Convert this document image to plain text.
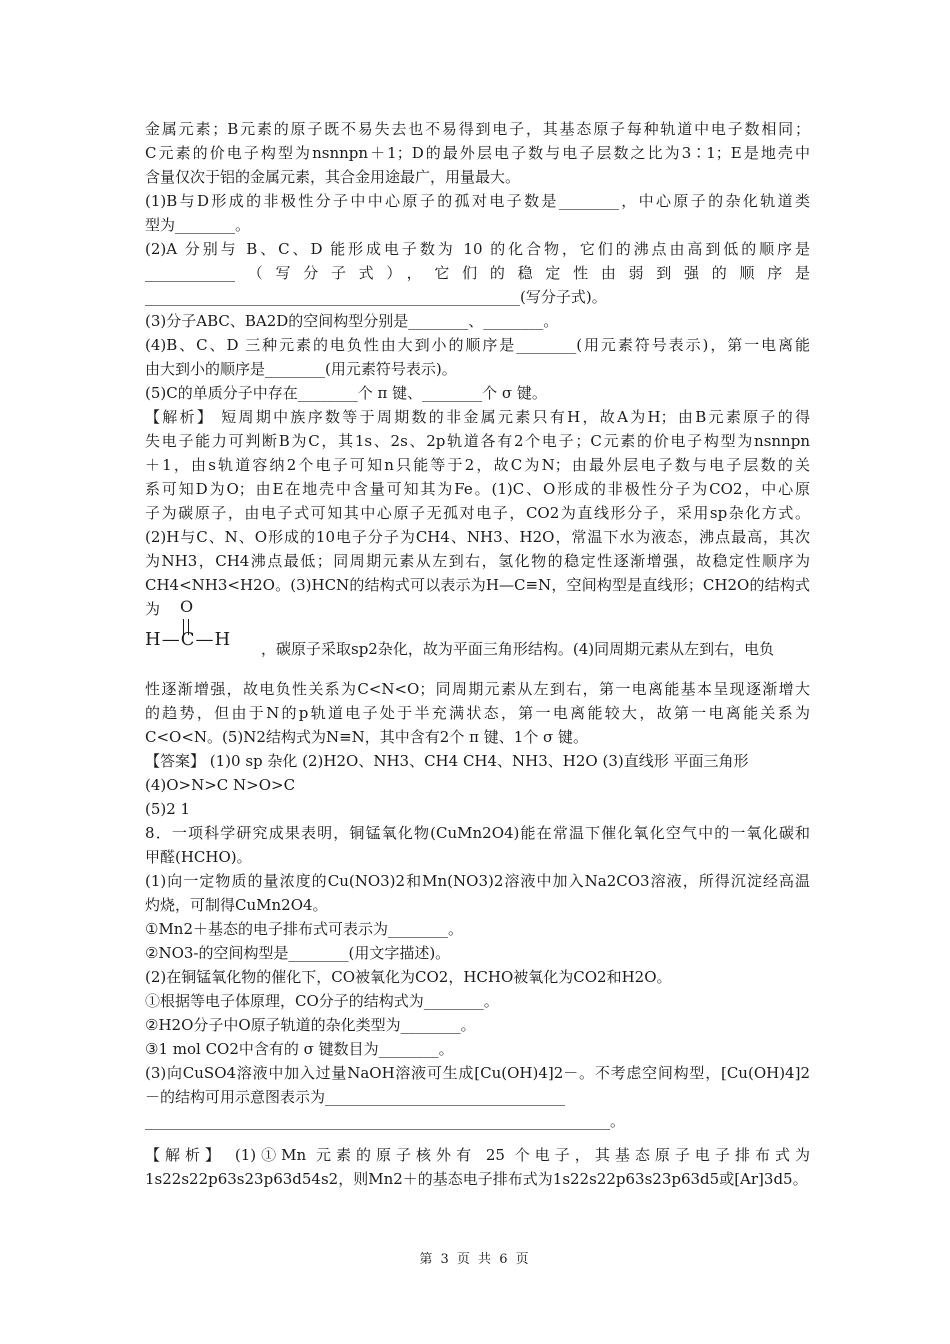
金属元素；B元素的原子既不易失去也不易得到电子，其基态原子每种轨道中电子数相同；
C元素的价电子构型为nsnnpn＋1；D的最外层电子数与电子层数之比为3∶1；E是地壳中
含量仅次于铝的金属元素，其合金用途最广，用量最大。
(1)B与D形成的非极性分子中中心原子的孤对电子数是________，中心原子的杂化轨道类
型为________。
(2)A 分别与 B、C、D 能形成电子数为 10 的化合物，它们的沸点由高到低的顺序是
____________（写分子式），它们的稳定性由弱到强的顺序是
__________________________________________________(写分子式)。
(3)分子ABC、BA2D的空间构型分别是________、________。
(4)B、C、D 三种元素的电负性由大到小的顺序是________(用元素符号表示)，第一电离能
由大到小的顺序是________(用元素符号表示)。
(5)C的单质分子中存在________个 π 键、________个 σ 键。
【解析】 短周期中族序数等于周期数的非金属元素只有H，故A为H；由B元素原子的得
失电子能力可判断B为C，其1s、2s、2p轨道各有2个电子；C元素的价电子构型为nsnnpn
＋1，由s轨道容纳2个电子可知n只能等于2，故C为N；由最外层电子数与电子层数的关
系可知D为O；由E在地壳中含量可知其为Fe。(1)C、O形成的非极性分子为CO2，中心原
子为碳原子，由电子式可知其中心原子无孤对电子，CO2为直线形分子，采用sp杂化方式。
(2)H与C、N、O形成的10电子分子为CH4、NH3、H2O，常温下水为液态，沸点最高，其次
为NH3，CH4沸点最低；同周期元素从左到右，氢化物的稳定性逐渐增强，故稳定性顺序为
CH4<NH3<H2O。(3)HCN的结构式可以表示为H—C≡N，空间构型是直线形；CH2O的结构式为	O
H—C—H ，碳原子采取sp2杂化，故为平面三角形结构。(4)同周期元素从左到右，电负
性逐渐增强，故电负性关系为C<N<O；同周期元素从左到右，第一电离能基本呈现逐渐增大
的趋势，但由于N的p轨道电子处于半充满状态，第一电离能较大，故第一电离能关系为
C<O<N。(5)N2结构式为N≡N，其中含有2个 π 键、1个 σ 键。
【答案】 (1)0 sp 杂化 (2)H2O、NH3、CH4 CH4、NH3、H2O (3)直线形 平面三角形
(4)O>N>C N>O>C
(5)2 1
8．一项科学研究成果表明，铜锰氧化物(CuMn2O4)能在常温下催化氧化空气中的一氧化碳和
甲醛(HCHO)。
(1)向一定物质的量浓度的Cu(NO3)2和Mn(NO3)2溶液中加入Na2CO3溶液，所得沉淀经高温
灼烧，可制得CuMn2O4。
①Mn2＋基态的电子排布式可表示为________。
②NO3-的空间构型是________(用文字描述)。
(2)在铜锰氧化物的催化下，CO被氧化为CO2，HCHO被氧化为CO2和H2O。
①根据等电子体原理，CO分子的结构式为________。
②H2O分子中O原子轨道的杂化类型为________。
③1 mol CO2中含有的 σ 键数目为________。
(3)向CuSO4溶液中加入过量NaOH溶液可生成[Cu(OH)4]2－。不考虑空间构型，[Cu(OH)4]2
－的结构可用示意图表示为________________________________
______________________________________________________________。
【解析】 (1)①Mn 元素的原子核外有 25 个电子，其基态原子电子排布式为
1s22s22p63s23p63d54s2，则Mn2＋的基态电子排布式为1s22s22p63s23p63d5或[Ar]3d5。
第 3 页 共 6 页
